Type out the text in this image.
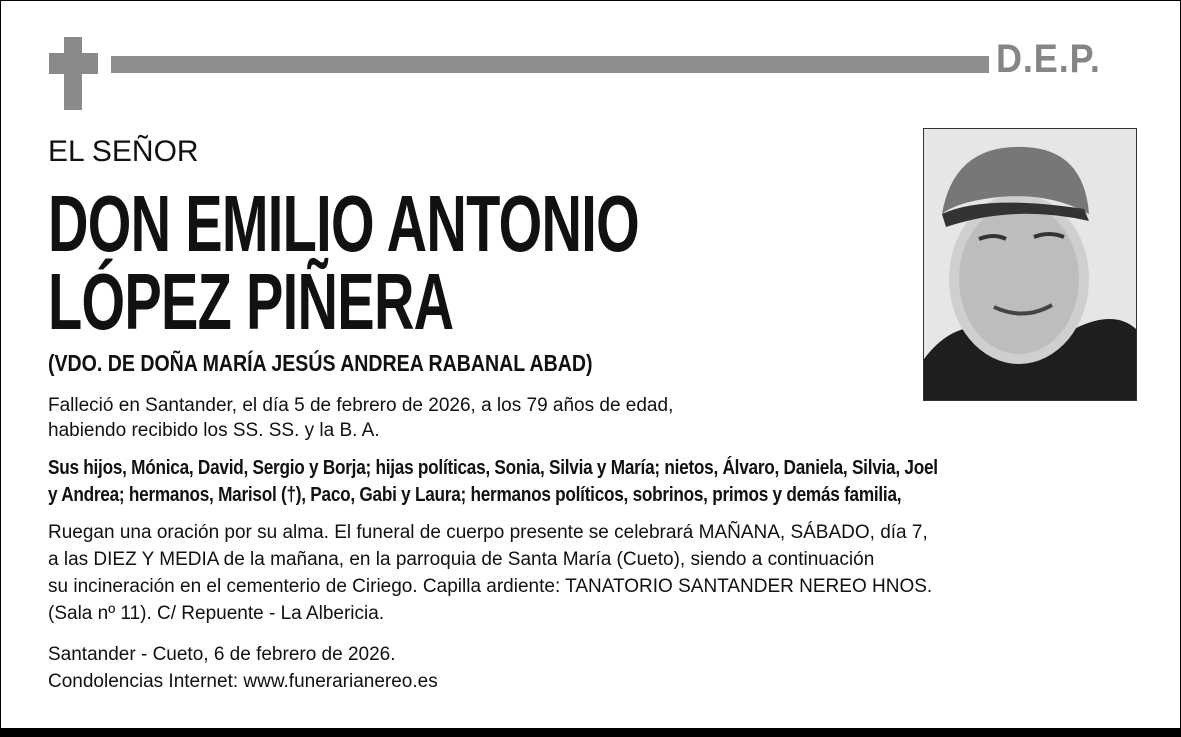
D.E.P.
EL SEÑOR
DON EMILIO ANTONIO
LÓPEZ PIÑERA
(VDO. DE DOÑA MARÍA JESÚS ANDREA RABANAL ABAD)
Falleció en Santander, el día 5 de febrero de 2026, a los 79 años de edad,
habiendo recibido los SS. SS. y la B. A.
Sus hijos, Mónica, David, Sergio y Borja; hijas políticas, Sonia, Silvia y María; nietos, Álvaro, Daniela, Silvia, Joel
y Andrea; hermanos, Marisol (†), Paco, Gabi y Laura; hermanos políticos, sobrinos, primos y demás familia,
Ruegan una oración por su alma. El funeral de cuerpo presente se celebrará MAÑANA, SÁBADO, día 7,
a las DIEZ Y MEDIA de la mañana, en la parroquia de Santa María (Cueto), siendo a continuación
su incineración en el cementerio de Ciriego. Capilla ardiente: TANATORIO SANTANDER NEREO HNOS.
(Sala nº 11). C/ Repuente - La Albericia.
Santander - Cueto, 6 de febrero de 2026.
Condolencias Internet: www.funerarianereo.es
